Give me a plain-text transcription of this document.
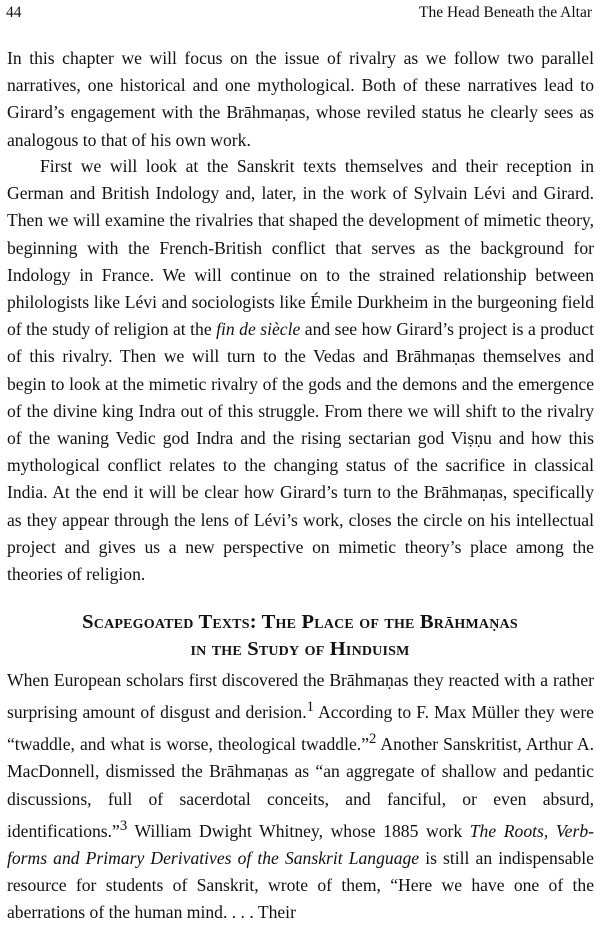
44	The Head Beneath the Altar

In this chapter we will focus on the issue of rivalry as we follow two parallel narratives, one historical and one mythological. Both of these narratives lead to Girard’s engagement with the Brāhmaṇas, whose reviled status he clearly sees as analogous to that of his own work.

First we will look at the Sanskrit texts themselves and their reception in German and British Indology and, later, in the work of Sylvain Lévi and Girard. Then we will examine the rivalries that shaped the development of mimetic theory, beginning with the French-British conflict that serves as the background for Indology in France. We will continue on to the strained relationship between philologists like Lévi and sociologists like Émile Durkheim in the burgeoning field of the study of religion at the fin de siècle and see how Girard’s project is a product of this rivalry. Then we will turn to the Vedas and Brāhmaṇas themselves and begin to look at the mimetic rivalry of the gods and the demons and the emergence of the divine king Indra out of this struggle. From there we will shift to the rivalry of the waning Vedic god Indra and the rising sectarian god Viṣṇu and how this mythological conflict relates to the changing status of the sacrifice in classical India. At the end it will be clear how Girard’s turn to the Brāhmaṇas, specifically as they appear through the lens of Lévi’s work, closes the circle on his intellectual project and gives us a new perspective on mimetic theory’s place among the theories of religion.

Scapegoated Texts: The Place of the Brāhmaṇas
in the Study of Hinduism

When European scholars first discovered the Brāhmaṇas they reacted with a rather surprising amount of disgust and derision.$^1$ According to F. Max Müller they were “twaddle, and what is worse, theological twaddle.”$^2$ Another Sanskritist, Arthur A. MacDonnell, dismissed the Brāhmaṇas as “an aggregate of shallow and pedantic discussions, full of sacerdotal conceits, and fanciful, or even absurd, identifications.”$^3$ William Dwight Whitney, whose 1885 work The Roots, Verb-forms and Primary Derivatives of the Sanskrit Language is still an indispensable resource for students of Sanskrit, wrote of them, “Here we have one of the aberrations of the human mind. . . . Their
